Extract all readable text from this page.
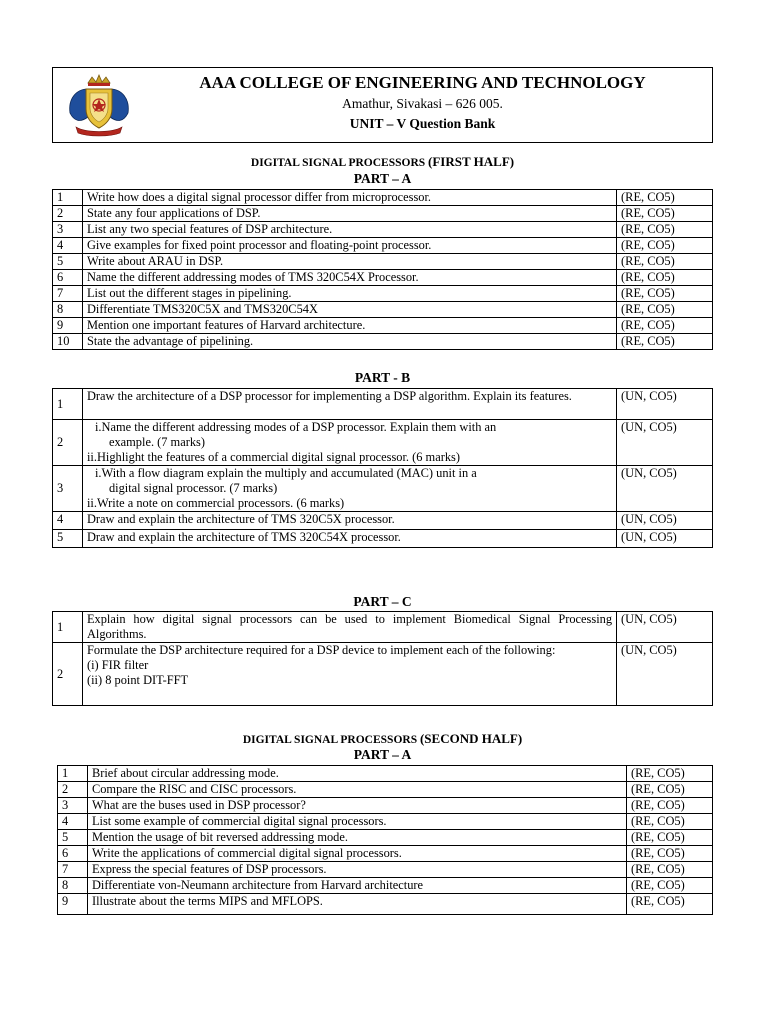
AAA COLLEGE OF ENGINEERING AND TECHNOLOGY
Amathur, Sivakasi – 626 005.
UNIT – V Question Bank
DIGITAL SIGNAL PROCESSORS (FIRST HALF)
PART – A
1	Write how does a digital signal processor differ from microprocessor.	(RE, CO5)
2	State any four applications of DSP.	(RE, CO5)
3	List any two special features of DSP architecture.	(RE, CO5)
4	Give examples for fixed point processor and floating-point processor.	(RE, CO5)
5	Write about ARAU in DSP.	(RE, CO5)
6	Name the different addressing modes of TMS 320C54X Processor.	(RE, CO5)
7	List out the different stages in pipelining.	(RE, CO5)
8	Differentiate TMS320C5X and TMS320C54X	(RE, CO5)
9	Mention one important features of Harvard architecture.	(RE, CO5)
10	State the advantage of pipelining.	(RE, CO5)
PART - B
1	Draw the architecture of a DSP processor for implementing a DSP algorithm. Explain its features.	(UN, CO5)
2	i.Name the different addressing modes of a DSP processor. Explain them with an
example. (7 marks)
ii.Highlight the features of a commercial digital signal processor. (6 marks)	(UN, CO5)
3	i.With a flow diagram explain the multiply and accumulated (MAC) unit in a
digital signal processor. (7 marks)
ii.Write a note on commercial processors. (6 marks)	(UN, CO5)
4	Draw and explain the architecture of TMS 320C5X processor.	(UN, CO5)
5	Draw and explain the architecture of TMS 320C54X processor.	(UN, CO5)
PART – C
1	Explain how digital signal processors can be used to implement Biomedical Signal Processing Algorithms.	(UN, CO5)
2	Formulate the DSP architecture required for a DSP device to implement each of the following:
(i) FIR filter
(ii) 8 point DIT-FFT	(UN, CO5)
DIGITAL SIGNAL PROCESSORS (SECOND HALF)
PART – A
1	Brief about circular addressing mode.	(RE, CO5)
2	Compare the RISC and CISC processors.	(RE, CO5)
3	What are the buses used in DSP processor?	(RE, CO5)
4	List some example of commercial digital signal processors.	(RE, CO5)
5	Mention the usage of bit reversed addressing mode.	(RE, CO5)
6	Write the applications of commercial digital signal processors.	(RE, CO5)
7	Express the special features of DSP processors.	(RE, CO5)
8	Differentiate von-Neumann architecture from Harvard architecture	(RE, CO5)
9	Illustrate about the terms MIPS and MFLOPS.	(RE, CO5)
